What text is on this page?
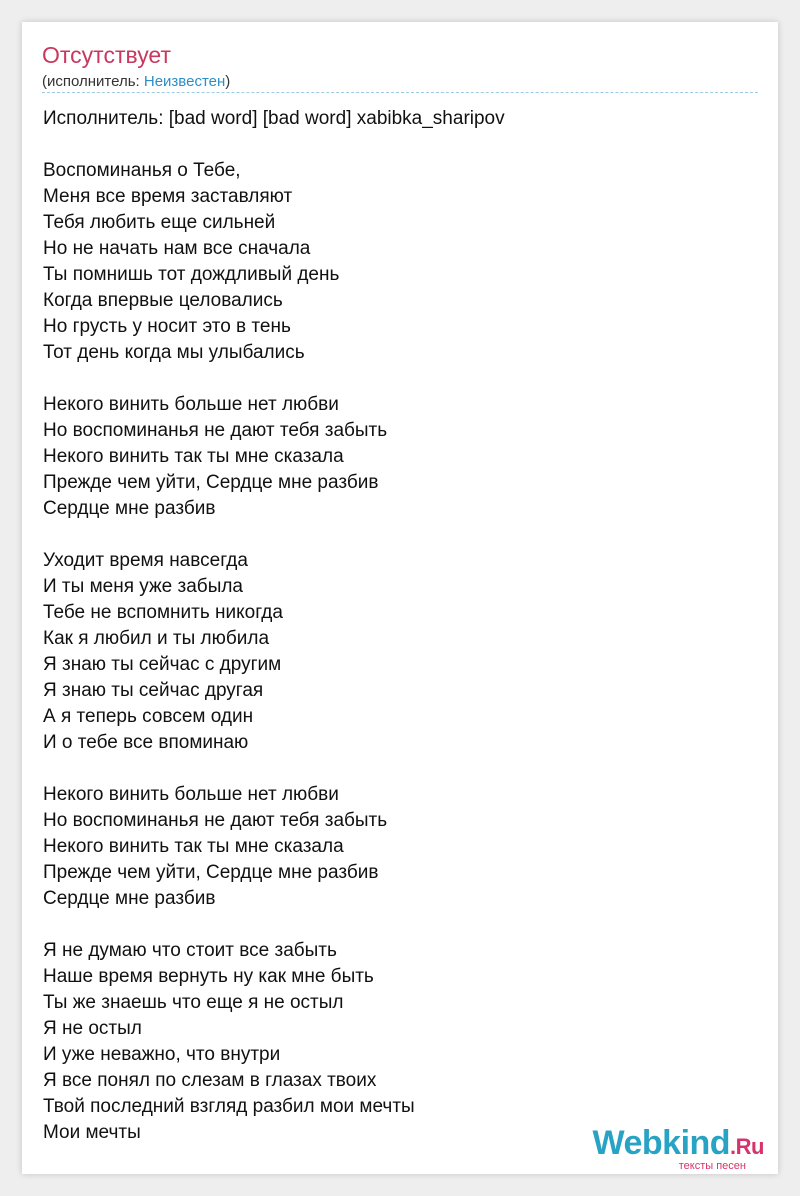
Отсутствует
(исполнитель: Неизвестен)
Исполнитель: [bad word] [bad word] xabibka_sharipov
Воспоминанья о Тебе,
Меня все время заставляют
Тебя любить еще сильней
Но не начать нам все сначала
Ты помнишь тот дождливый день
Когда впервые целовались
Но грусть у носит это в тень
Тот день когда мы улыбались
Некого винить больше нет любви
Но воспоминанья не дают тебя забыть
Некого винить так ты мне сказала
Прежде чем уйти, Сердце мне разбив
Сердце мне разбив
Уходит время навсегда
И ты меня уже забыла
Тебе не вспомнить никогда
Как я любил и ты любила
Я знаю ты сейчас с другим
Я знаю ты сейчас другая
А я теперь совсем один
И о тебе все впоминаю
Некого винить больше нет любви
Но воспоминанья не дают тебя забыть
Некого винить так ты мне сказала
Прежде чем уйти, Сердце мне разбив
Сердце мне разбив
Я не думаю что стоит все забыть
Наше время вернуть ну как мне быть
Ты же знаешь что еще я не остыл
Я не остыл
И уже неважно, что внутри
Я все понял по слезам в глазах твоих
Твой последний взгляд разбил мои мечты
Мои мечты	Webkind.Ru
тексты песен
